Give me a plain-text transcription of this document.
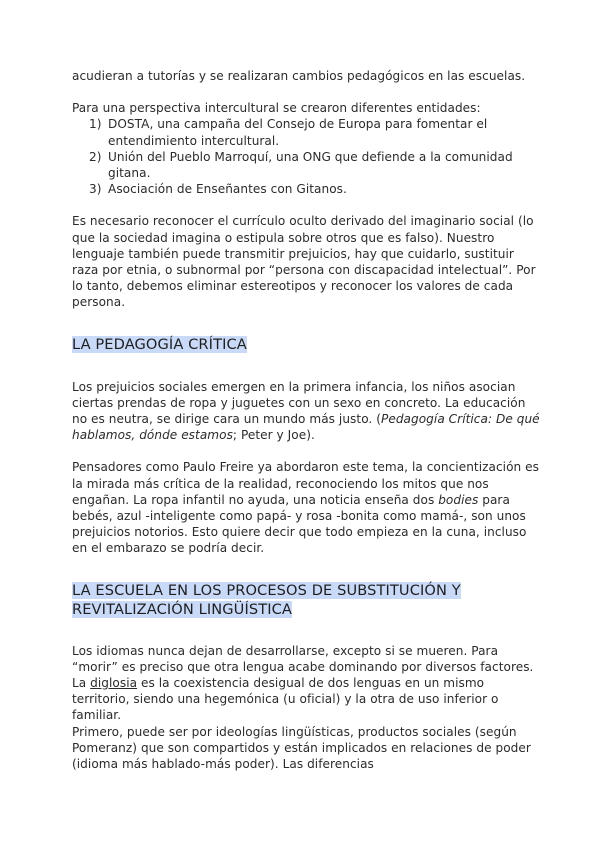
acudieran a tutorías y se realizaran cambios pedagógicos en las escuelas.

Para una perspectiva intercultural se crearon diferentes entidades:

1) DOSTA, una campaña del Consejo de Europa para fomentar el entendimiento intercultural.
2) Unión del Pueblo Marroquí, una ONG que defiende a la comunidad gitana.
3) Asociación de Enseñantes con Gitanos.

Es necesario reconocer el currículo oculto derivado del imaginario social (lo que la sociedad imagina o estipula sobre otros que es falso). Nuestro lenguaje también puede transmitir prejuicios, hay que cuidarlo, sustituir raza por etnia, o subnormal por “persona con discapacidad intelectual”. Por lo tanto, debemos eliminar estereotipos y reconocer los valores de cada persona.

LA PEDAGOGÍA CRÍTICA

Los prejuicios sociales emergen en la primera infancia, los niños asocian ciertas prendas de ropa y juguetes con un sexo en concreto. La educación no es neutra, se dirige cara un mundo más justo. (Pedagogía Crítica: De qué hablamos, dónde estamos; Peter y Joe).

Pensadores como Paulo Freire ya abordaron este tema, la concientización es la mirada más crítica de la realidad, reconociendo los mitos que nos engañan. La ropa infantil no ayuda, una noticia enseña dos bodies para bebés, azul -inteligente como papá- y rosa -bonita como mamá-, son unos prejuicios notorios. Esto quiere decir que todo empieza en la cuna, incluso en el embarazo se podría decir.

LA ESCUELA EN LOS PROCESOS DE SUBSTITUCIÓN Y
REVITALIZACIÓN LINGÜÍSTICA

Los idiomas nunca dejan de desarrollarse, excepto si se mueren. Para “morir” es preciso que otra lengua acabe dominando por diversos factores. La diglosia es la coexistencia desigual de dos lenguas en un mismo territorio, siendo una hegemónica (u oficial) y la otra de uso inferior o familiar.

Primero, puede ser por ideologías lingüísticas, productos sociales (según Pomeranz) que son compartidos y están implicados en relaciones de poder (idioma más hablado-más poder). Las diferencias
